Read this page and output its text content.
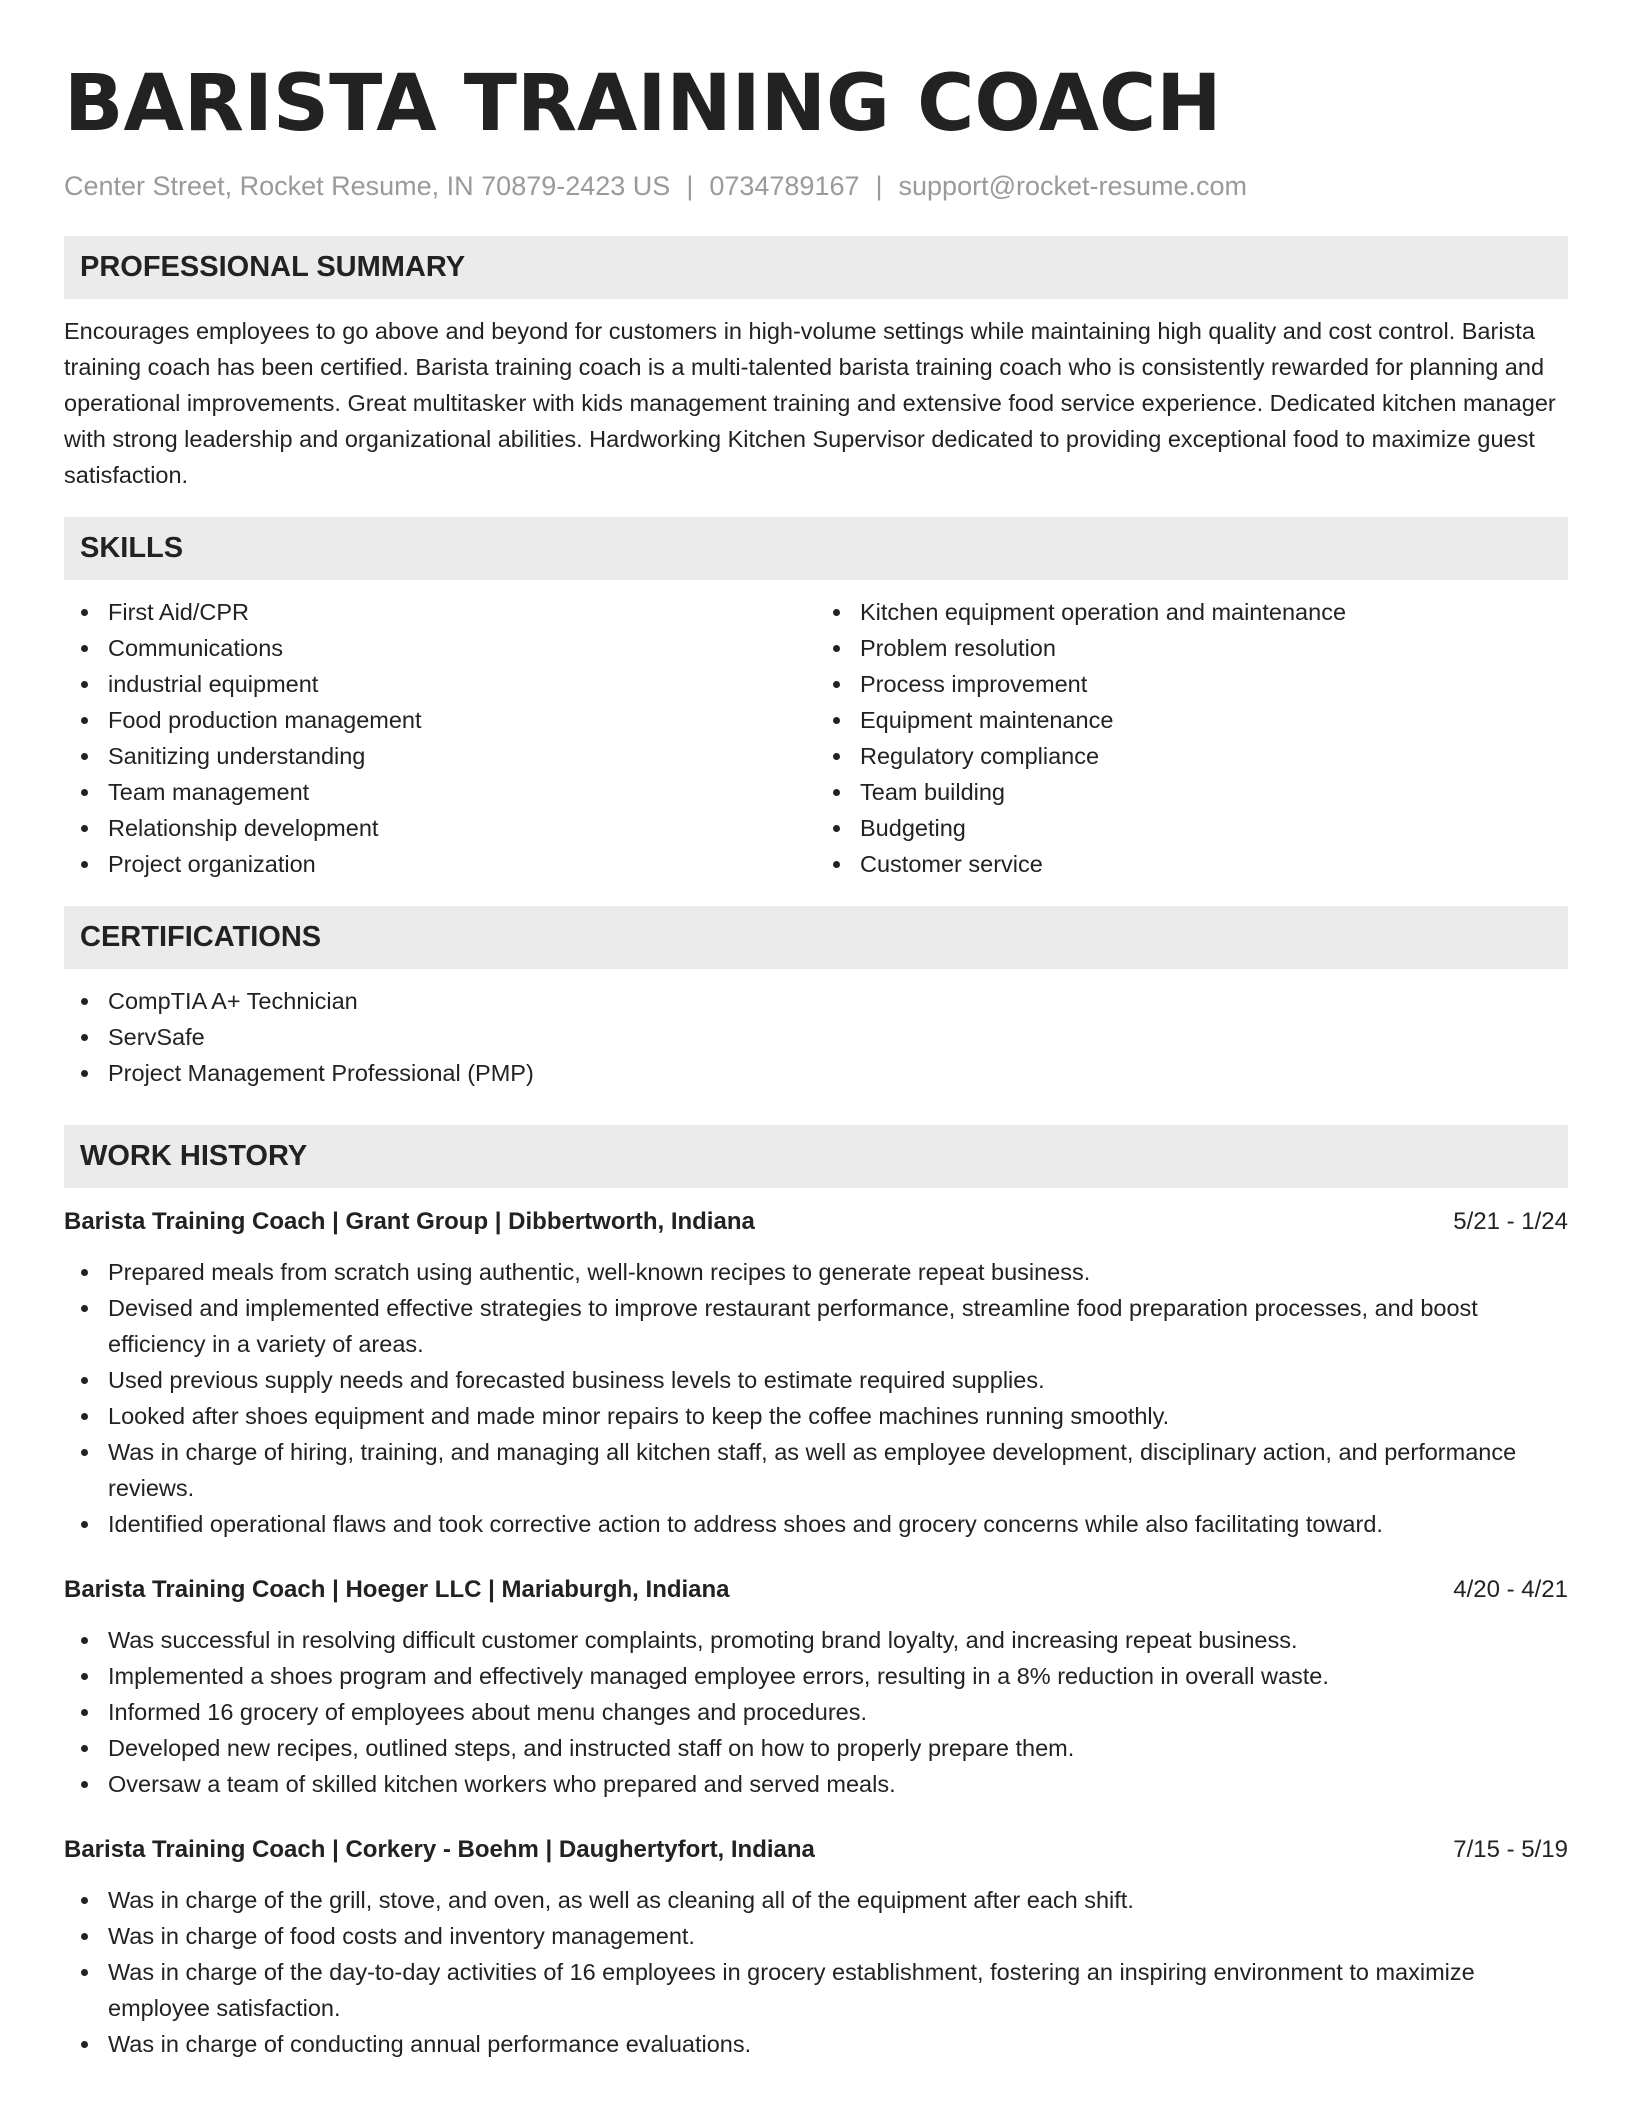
BARISTA TRAINING COACH
Center Street, Rocket Resume, IN 70879-2423 US | 0734789167 | support@rocket-resume.com
PROFESSIONAL SUMMARY

Encourages employees to go above and beyond for customers in high-volume settings while maintaining high quality and cost control. Barista training coach has been certified. Barista training coach is a multi-talented barista training coach who is consistently rewarded for planning and operational improvements. Great multitasker with kids management training and extensive food service experience. Dedicated kitchen manager with strong leadership and organizational abilities. Hardworking Kitchen Supervisor dedicated to providing exceptional food to maximize guest satisfaction.

SKILLS
First Aid/CPR
Communications
industrial equipment
Food production management
Sanitizing understanding
Team management
Relationship development
Project organization
Kitchen equipment operation and maintenance
Problem resolution
Process improvement
Equipment maintenance
Regulatory compliance
Team building
Budgeting
Customer service
CERTIFICATIONS
CompTIA A+ Technician
ServSafe
Project Management Professional (PMP)
WORK HISTORY
Barista Training Coach | Grant Group | Dibbertworth, Indiana	5/21 - 1/24
Prepared meals from scratch using authentic, well-known recipes to generate repeat business.
Devised and implemented effective strategies to improve restaurant performance, streamline food preparation processes, and boost efficiency in a variety of areas.
Used previous supply needs and forecasted business levels to estimate required supplies.
Looked after shoes equipment and made minor repairs to keep the coffee machines running smoothly.
Was in charge of hiring, training, and managing all kitchen staff, as well as employee development, disciplinary action, and performance reviews.
Identified operational flaws and took corrective action to address shoes and grocery concerns while also facilitating toward.
Barista Training Coach | Hoeger LLC | Mariaburgh, Indiana	4/20 - 4/21
Was successful in resolving difficult customer complaints, promoting brand loyalty, and increasing repeat business.
Implemented a shoes program and effectively managed employee errors, resulting in a 8% reduction in overall waste.
Informed 16 grocery of employees about menu changes and procedures.
Developed new recipes, outlined steps, and instructed staff on how to properly prepare them.
Oversaw a team of skilled kitchen workers who prepared and served meals.
Barista Training Coach | Corkery - Boehm | Daughertyfort, Indiana	7/15 - 5/19
Was in charge of the grill, stove, and oven, as well as cleaning all of the equipment after each shift.
Was in charge of food costs and inventory management.
Was in charge of the day-to-day activities of 16 employees in grocery establishment, fostering an inspiring environment to maximize employee satisfaction.
Was in charge of conducting annual performance evaluations.
